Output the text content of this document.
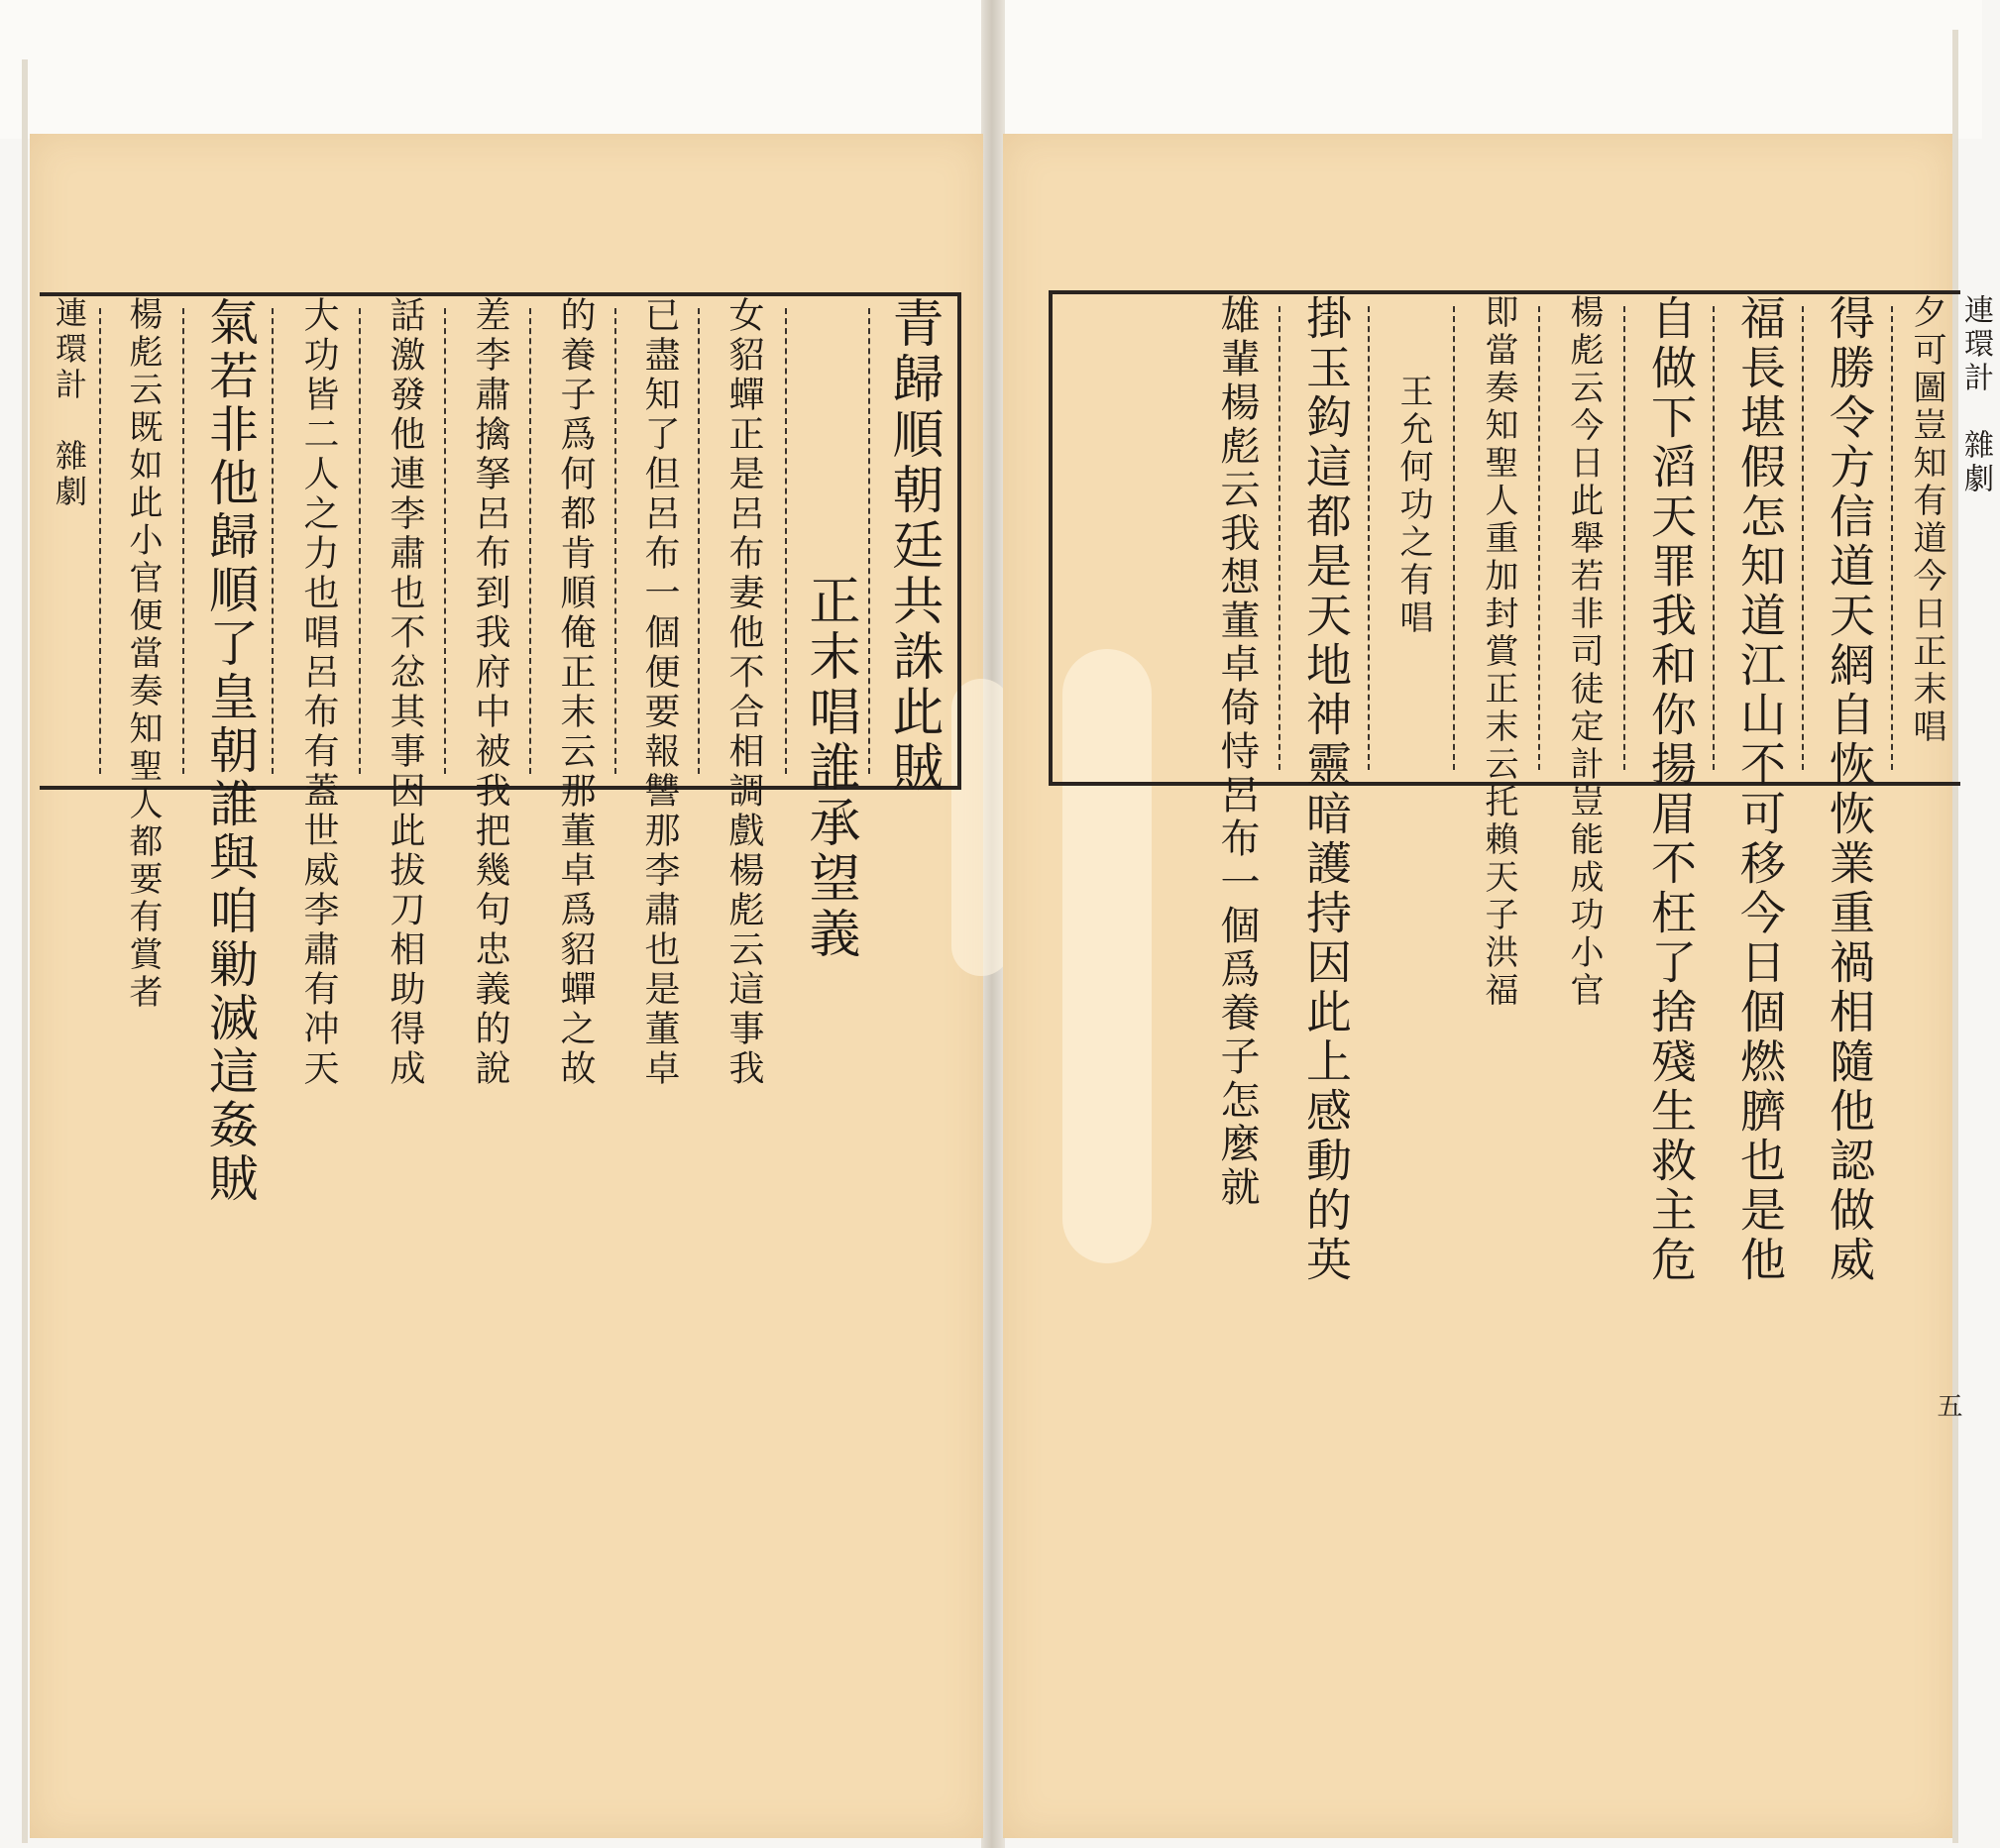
青歸順朝廷共誅此賊
正末唱誰承望義
女貂蟬正是呂布妻他不合相調戲楊彪云這事我
已盡知了但呂布一個便要報讐那李肅也是董卓
的養子爲何都肯順俺正末云那董卓爲貂蟬之故
差李肅擒拏呂布到我府中被我把幾句忠義的說
話激發他連李肅也不忿其事因此拔刀相助得成
大功皆二人之力也唱呂布有蓋世威李肅有冲天
氣若非他歸順了皇朝誰與咱勦滅這姦賊
楊彪云既如此小官便當奏知聖人都要有賞者
連環計　雜劇	連環計　雜劇
夕可圖豈知有道今日正末唱
得勝令方信道天網自恢恢業重禍相隨他認做威
福長堪假怎知道江山不可移今日個燃臍也是他
自做下滔天罪我和你揚眉不枉了捨殘生救主危
楊彪云今日此舉若非司徒定計豈能成功小官
即當奏知聖人重加封賞正末云托賴天子洪福
王允何功之有唱
掛玉鈎這都是天地神靈暗護持因此上感動的英
雄輩楊彪云我想董卓倚恃呂布一個爲養子怎麼就
五
